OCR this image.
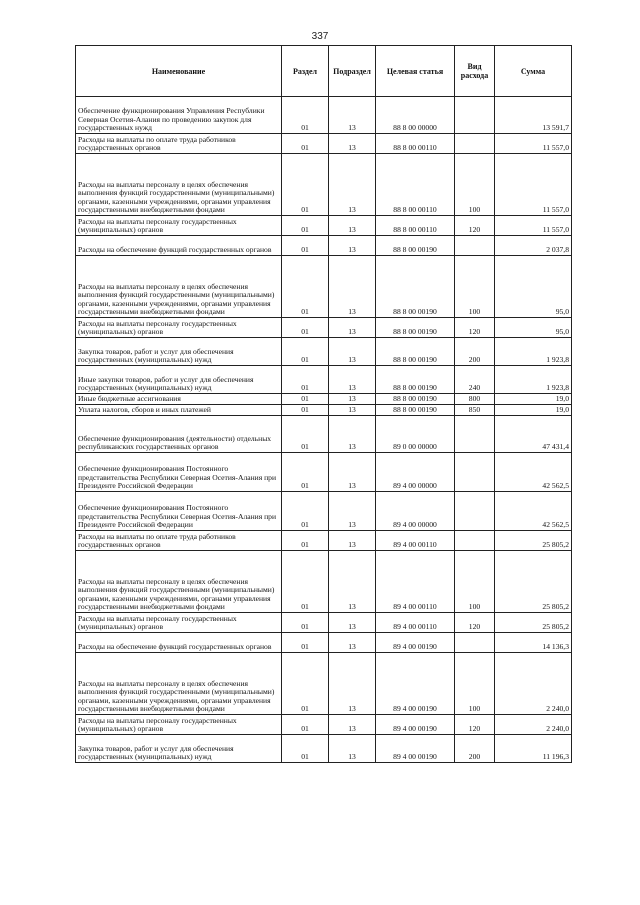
337
Наименование	Раздел	Подраздел	Целевая статья	Вид расхода	Сумма
Обеспечение функционирования Управления Республики Северная Осетия-Алания по проведению закупок для государственных нужд	01	13	88 8 00 00000		13 591,7
Расходы на выплаты по оплате труда работников государственных органов	01	13	88 8 00 00110		11 557,0
Расходы на выплаты персоналу в целях обеспечения выполнения функций государственными (муниципальными) органами, казенными учреждениями, органами управления государственными внебюджетными фондами	01	13	88 8 00 00110	100	11 557,0
Расходы на выплаты персоналу государственных (муниципальных) органов	01	13	88 8 00 00110	120	11 557,0
Расходы на обеспечение функций государственных органов	01	13	88 8 00 00190		2 037,8
Расходы на выплаты персоналу в целях обеспечения выполнения функций государственными (муниципальными) органами, казенными учреждениями, органами управления государственными внебюджетными фондами	01	13	88 8 00 00190	100	95,0
Расходы на выплаты персоналу государственных (муниципальных) органов	01	13	88 8 00 00190	120	95,0
Закупка товаров, работ и услуг для обеспечения государственных (муниципальных) нужд	01	13	88 8 00 00190	200	1 923,8
Иные закупки товаров, работ и услуг для обеспечения государственных (муниципальных) нужд	01	13	88 8 00 00190	240	1 923,8
Иные бюджетные ассигнования	01	13	88 8 00 00190	800	19,0
Уплата налогов, сборов и иных платежей	01	13	88 8 00 00190	850	19,0
Обеспечение функционирования (деятельности) отдельных республиканских государственных органов	01	13	89 0 00 00000		47 431,4
Обеспечение функционирования Постоянного представительства Республики Северная Осетия-Алания при Президенте Российской Федерации	01	13	89 4 00 00000		42 562,5
Обеспечение функционирования Постоянного представительства Республики Северная Осетия-Алания при Президенте Российской Федерации	01	13	89 4 00 00000		42 562,5
Расходы на выплаты по оплате труда работников государственных органов	01	13	89 4 00 00110		25 805,2
Расходы на выплаты персоналу в целях обеспечения выполнения функций государственными (муниципальными) органами, казенными учреждениями, органами управления государственными внебюджетными фондами	01	13	89 4 00 00110	100	25 805,2
Расходы на выплаты персоналу государственных (муниципальных) органов	01	13	89 4 00 00110	120	25 805,2
Расходы на обеспечение функций государственных органов	01	13	89 4 00 00190		14 136,3
Расходы на выплаты персоналу в целях обеспечения выполнения функций государственными (муниципальными) органами, казенными учреждениями, органами управления государственными внебюджетными фондами	01	13	89 4 00 00190	100	2 240,0
Расходы на выплаты персоналу государственных (муниципальных) органов	01	13	89 4 00 00190	120	2 240,0
Закупка товаров, работ и услуг для обеспечения государственных (муниципальных) нужд	01	13	89 4 00 00190	200	11 196,3
